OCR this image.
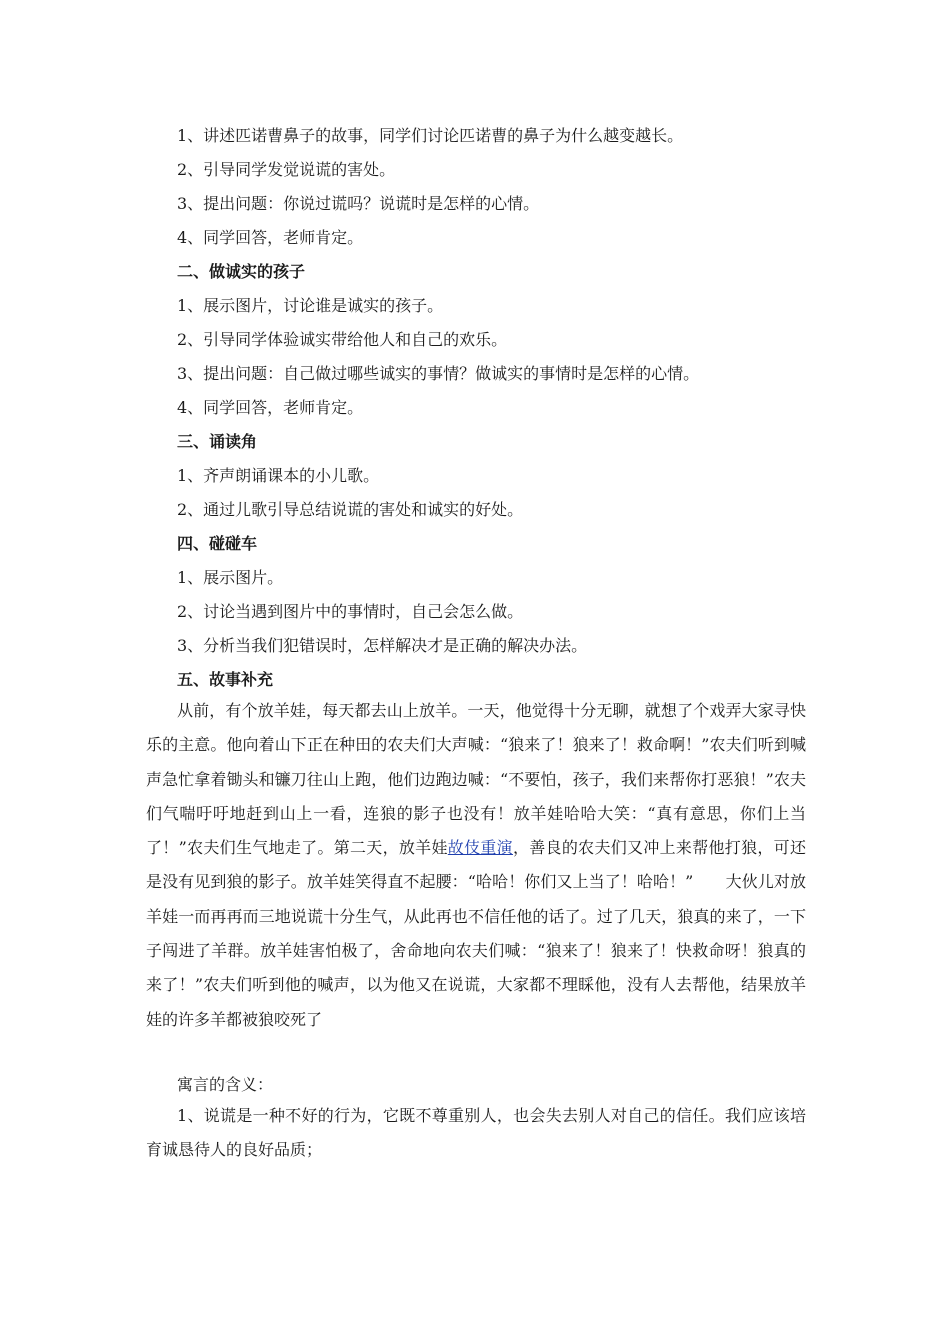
1、讲述匹诺曹鼻子的故事，同学们讨论匹诺曹的鼻子为什么越变越长。
2、引导同学发觉说谎的害处。
3、提出问题：你说过谎吗？说谎时是怎样的心情。
4、同学回答，老师肯定。
二、做诚实的孩子
1、展示图片，讨论谁是诚实的孩子。
2、引导同学体验诚实带给他人和自己的欢乐。
3、提出问题：自己做过哪些诚实的事情？做诚实的事情时是怎样的心情。
4、同学回答，老师肯定。
三、诵读角
1、齐声朗诵课本的小儿歌。
2、通过儿歌引导总结说谎的害处和诚实的好处。
四、碰碰车
1、展示图片。
2、讨论当遇到图片中的事情时，自己会怎么做。
3、分析当我们犯错误时，怎样解决才是正确的解决办法。
五、故事补充
从前，有个放羊娃，每天都去山上放羊。一天，他觉得十分无聊，就想了个戏弄大家寻快乐的主意。他向着山下正在种田的农夫们大声喊：“狼来了！狼来了！救命啊！”农夫们听到喊声急忙拿着锄头和镰刀往山上跑，他们边跑边喊：“不要怕，孩子，我们来帮你打恶狼！”农夫们气喘吁吁地赶到山上一看，连狼的影子也没有！放羊娃哈哈大笑：“真有意思，你们上当了！”农夫们生气地走了。第二天，放羊娃故伎重演，善良的农夫们又冲上来帮他打狼，可还是没有见到狼的影子。放羊娃笑得直不起腰：“哈哈！你们又上当了！哈哈！”　　大伙儿对放羊娃一而再再而三地说谎十分生气，从此再也不信任他的话了。过了几天，狼真的来了，一下子闯进了羊群。放羊娃害怕极了，舍命地向农夫们喊：“狼来了！狼来了！快救命呀！狼真的来了！”农夫们听到他的喊声，以为他又在说谎，大家都不理睬他，没有人去帮他，结果放羊娃的许多羊都被狼咬死了
寓言的含义：
1、说谎是一种不好的行为，它既不尊重别人，也会失去别人对自己的信任。我们应该培育诚恳待人的良好品质；
